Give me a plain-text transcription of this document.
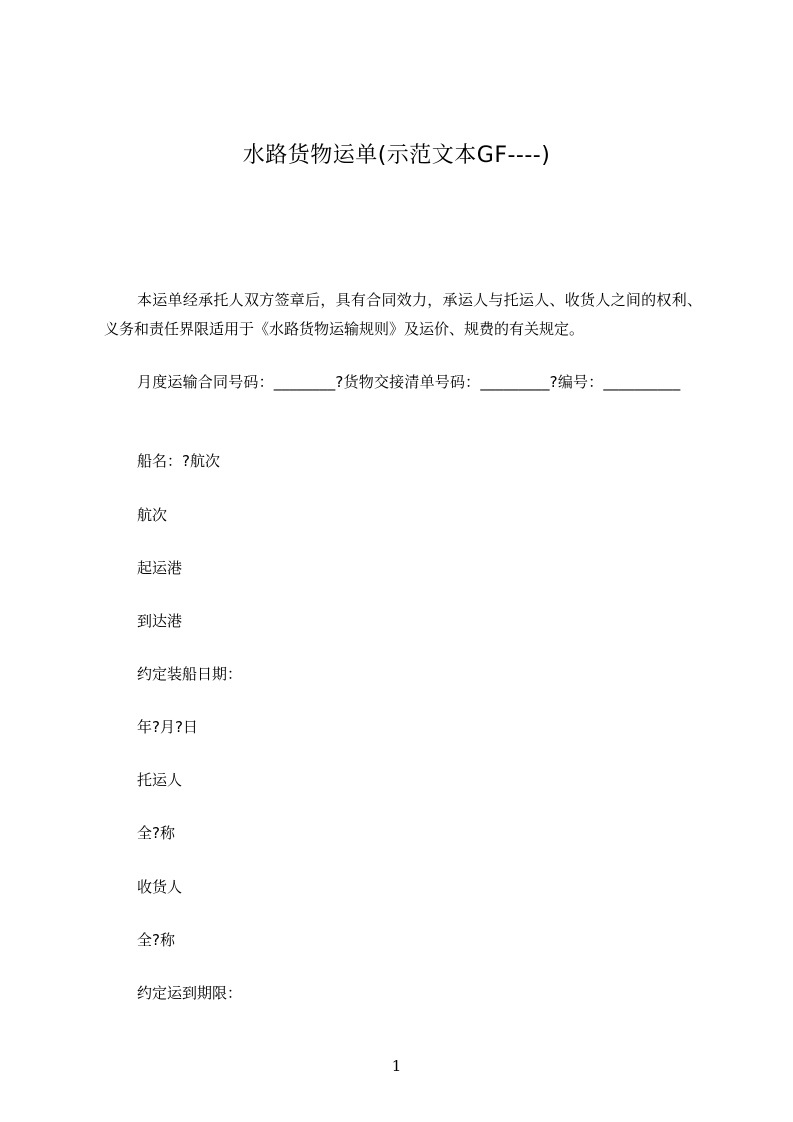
水路货物运单(示范文本GF----)
本运单经承托人双方签章后，具有合同效力，承运人与托运人、收货人之间的权利、义务和责任界限适用于《水路货物运输规则》及运价、规费的有关规定。
月度运输合同号码：________?货物交接清单号码：_________?编号：__________
船名：?航次
航次
起运港
到达港
约定装船日期：
年?月?日
托运人
全?称
收货人
全?称
约定运到期限：
1
